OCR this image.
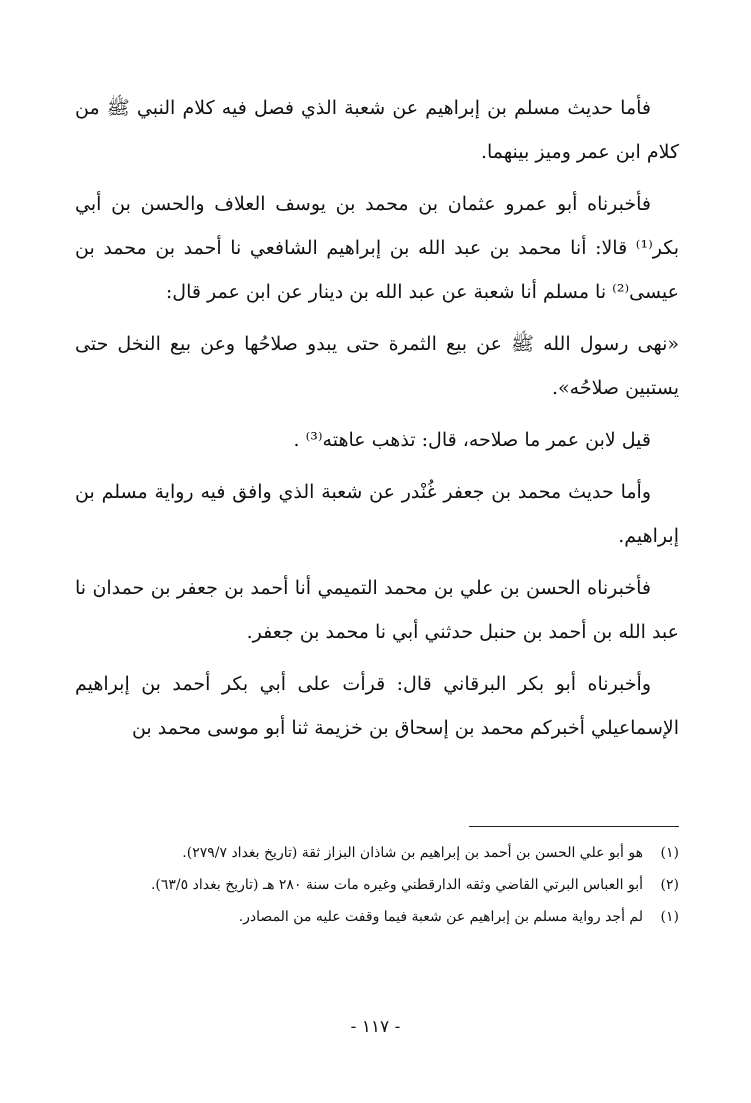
فأما حديث مسلم بن إبراهيم عن شعبة الذي فصل فيه كلام النبي ﷺ من كلام ابن عمر وميز بينهما.

فأخبرناه أبو عمرو عثمان بن محمد بن يوسف العلاف والحسن بن أبي بكر⁽¹⁾ قالا: أنا محمد بن عبد الله بن إبراهيم الشافعي نا أحمد بن محمد بن عيسى⁽²⁾ نا مسلم أنا شعبة عن عبد الله بن دينار عن ابن عمر قال:

«نهى رسول الله ﷺ عن بيع الثمرة حتى يبدو صلاحُها وعن بيع النخل حتى يستبين صلاحُه».

قيل لابن عمر ما صلاحه، قال: تذهب عاهته⁽³⁾ .

وأما حديث محمد بن جعفر غُنْدر عن شعبة الذي وافق فيه رواية مسلم بن إبراهيم.

فأخبرناه الحسن بن علي بن محمد التميمي أنا أحمد بن جعفر بن حمدان نا عبد الله بن أحمد بن حنبل حدثني أبي نا محمد بن جعفر.

وأخبرناه أبو بكر البرقاني قال: قرأت على أبي بكر أحمد بن إبراهيم الإسماعيلي أخبركم محمد بن إسحاق بن خزيمة ثنا أبو موسى محمد بن

(١)
هو أبو علي الحسن بن أحمد بن إبراهيم بن شاذان البزاز ثقة (تاريخ بغداد ٢٧٩/٧).
(٢)
أبو العباس البرتي القاضي وثقه الدارقطني وغيره مات سنة ٢٨٠ هـ (تاريخ بغداد ٦٣/٥).
(١)
لم أجد رواية مسلم بن إبراهيم عن شعبة فيما وقفت عليه من المصادر.
- ١١٧ -
